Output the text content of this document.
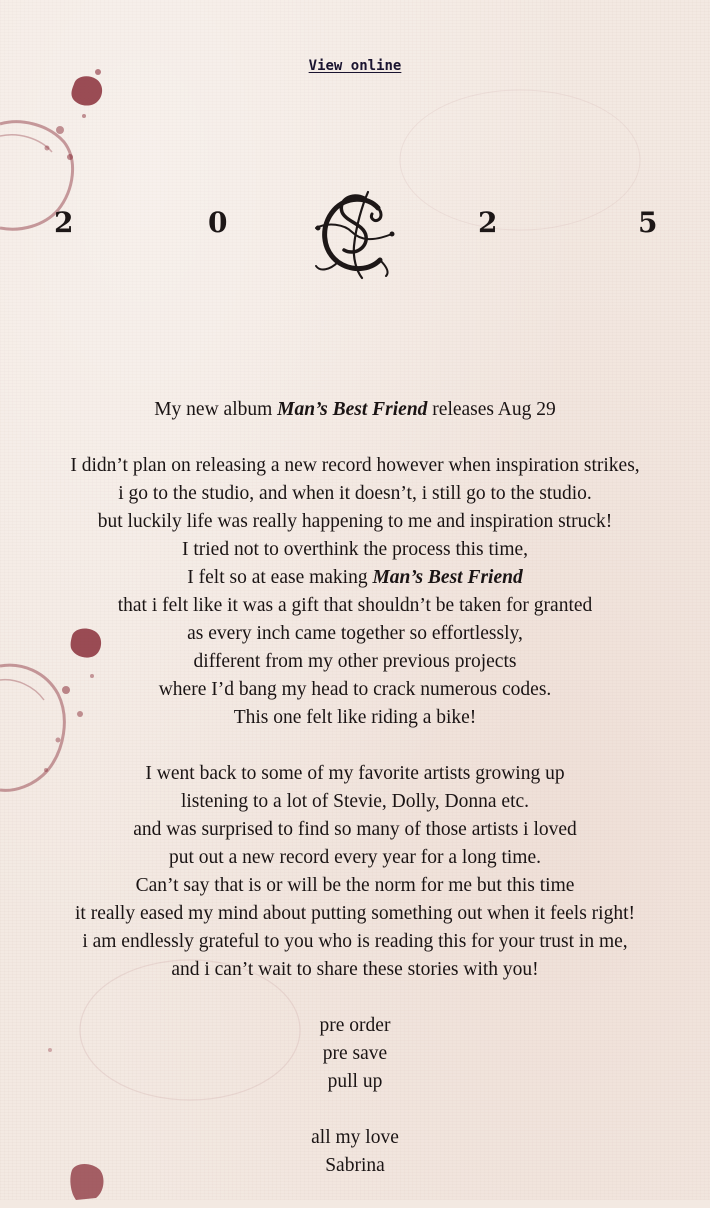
View online
2	0	2	5

My new album Man’s Best Friend releases Aug 29

I didn’t plan on releasing a new record however when inspiration strikes,
i go to the studio, and when it doesn’t, i still go to the studio.
but luckily life was really happening to me and inspiration struck!
I tried not to overthink the process this time,
I felt so at ease making Man’s Best Friend
that i felt like it was a gift that shouldn’t be taken for granted
as every inch came together so effortlessly,
different from my other previous projects
where I’d bang my head to crack numerous codes.
This one felt like riding a bike!

I went back to some of my favorite artists growing up
listening to a lot of Stevie, Dolly, Donna etc.
and was surprised to find so many of those artists i loved
put out a new record every year for a long time.
Can’t say that is or will be the norm for me but this time
it really eased my mind about putting something out when it feels right!
i am endlessly grateful to you who is reading this for your trust in me,
and i can’t wait to share these stories with you!

pre order
pre save
pull up

all my love
Sabrina
